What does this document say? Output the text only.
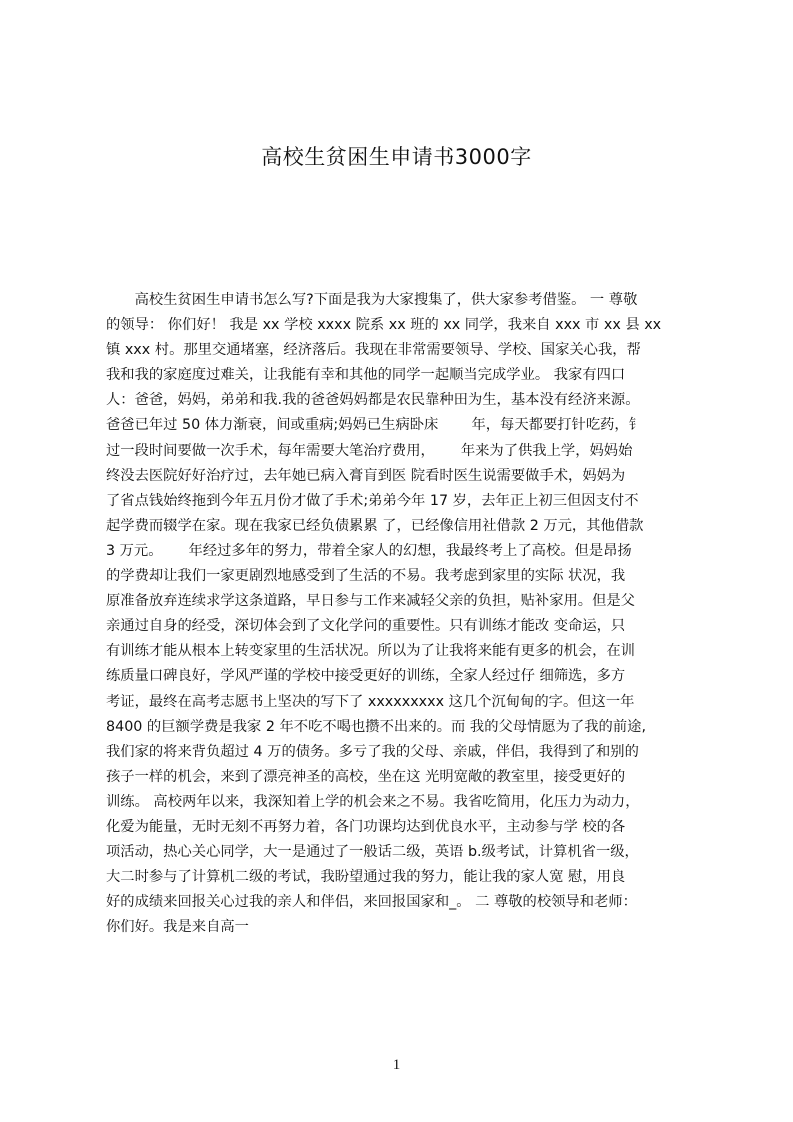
高校生贫困生申请书3000字
　　高校生贫困生申请书怎么写?下面是我为大家搜集了，供大家参考借鉴。 一 尊敬
的领导： 你们好！ 我是 xx 学校 xxxx 院系 xx 班的 xx 同学，我来自 xxx 市 xx 县 xx
镇 xxx 村。那里交通堵塞，经济落后。我现在非常需要领导、学校、国家关心我，帮
我和我的家庭度过难关，让我能有幸和其他的同学一起顺当完成学业。 我家有四口
人：爸爸，妈妈，弟弟和我.我的爸爸妈妈都是农民靠种田为生，基本没有经济来源。
爸爸已年过 50 体力渐衰，间或重病;妈妈已生病卧床　　 年，每天都要打针吃药，钅
过一段时间要做一次手术，每年需要大笔治疗费用，　　 年来为了供我上学，妈妈始
终没去医院好好治疗过，去年她已病入膏肓到医 院看时医生说需要做手术，妈妈为
了省点钱始终拖到今年五月份才做了手术;弟弟今年 17 岁，去年正上初三但因支付不
起学费而辍学在家。现在我家已经负债累累 了，已经像信用社借款 2 万元，其他借款
3 万元。　　 年经过多年的努力，带着全家人的幻想，我最终考上了高校。但是昂扬
的学费却让我们一家更剧烈地感受到了生活的不易。我考虑到家里的实际 状况，我
原准备放弃连续求学这条道路，早日参与工作来减轻父亲的负担，贴补家用。但是父
亲通过自身的经受，深切体会到了文化学问的重要性。只有训练才能改 变命运，只
有训练才能从根本上转变家里的生活状况。所以为了让我将来能有更多的机会，在训
练质量口碑良好，学风严谨的学校中接受更好的训练，全家人经过仔 细筛选，多方
考证，最终在高考志愿书上坚决的写下了 xxxxxxxxx 这几个沉甸甸的字。但这一年
8400 的巨额学费是我家 2 年不吃不喝也攒不出来的。而 我的父母情愿为了我的前途,
我们家的将来背负超过 4 万的债务。多亏了我的父母、亲戚，伴侣，我得到了和别的
孩子一样的机会，来到了漂亮神圣的高校，坐在这 光明宽敞的教室里，接受更好的
训练。 高校两年以来，我深知着上学的机会来之不易。我省吃简用，化压力为动力，
化爱为能量，无时无刻不再努力着，各门功课均达到优良水平，主动参与学 校的各
项活动，热心关心同学，大一是通过了一般话二级，英语 b.级考试，计算机省一级，
大二时参与了计算机二级的考试，我盼望通过我的努力，能让我的家人宽 慰，用良
好的成绩来回报关心过我的亲人和伴侣，来回报国家和_。 二 尊敬的校领导和老师：
你们好。我是来自高一
1
